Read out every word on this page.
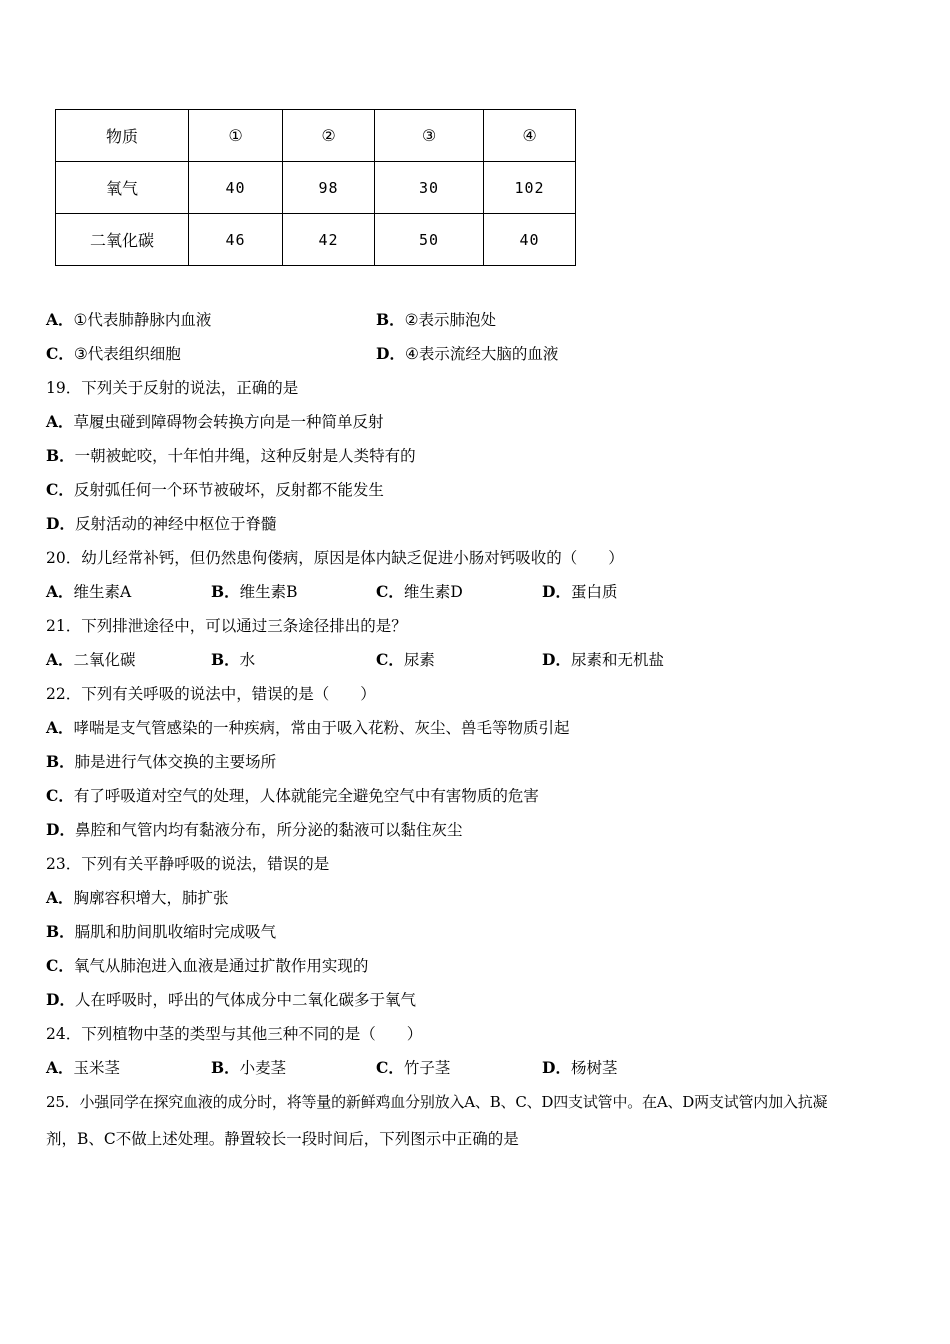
物质	①	②	③	④
氧气	40	98	30	102
二氧化碳	46	42	50	40
A．①代表肺静脉内血液	B．②表示肺泡处
C．③代表组织细胞	D．④表示流经大脑的血液
19．下列关于反射的说法，正确的是
A．草履虫碰到障碍物会转换方向是一种简单反射
B．一朝被蛇咬，十年怕井绳，这种反射是人类特有的
C．反射弧任何一个环节被破坏，反射都不能发生
D．反射活动的神经中枢位于脊髓
20．幼儿经常补钙，但仍然患佝偻病，原因是体内缺乏促进小肠对钙吸收的（　　）
A．维生素A	B．维生素B	C．维生素D	D．蛋白质
21．下列排泄途径中，可以通过三条途径排出的是？
A．二氧化碳	B．水	C．尿素	D．尿素和无机盐
22．下列有关呼吸的说法中，错误的是（　　）
A．哮喘是支气管感染的一种疾病，常由于吸入花粉、灰尘、兽毛等物质引起
B．肺是进行气体交换的主要场所
C．有了呼吸道对空气的处理，人体就能完全避免空气中有害物质的危害
D．鼻腔和气管内均有黏液分布，所分泌的黏液可以黏住灰尘
23．下列有关平静呼吸的说法，错误的是
A．胸廓容积增大，肺扩张
B．膈肌和肋间肌收缩时完成吸气
C．氧气从肺泡进入血液是通过扩散作用实现的
D．人在呼吸时，呼出的气体成分中二氧化碳多于氧气
24．下列植物中茎的类型与其他三种不同的是（　　）
A．玉米茎	B．小麦茎	C．竹子茎	D．杨树茎
25．小强同学在探究血液的成分时，将等量的新鲜鸡血分别放入A、B、C、D四支试管中。在A、D两支试管内加入抗凝
剂，B、C不做上述处理。静置较长一段时间后，下列图示中正确的是
